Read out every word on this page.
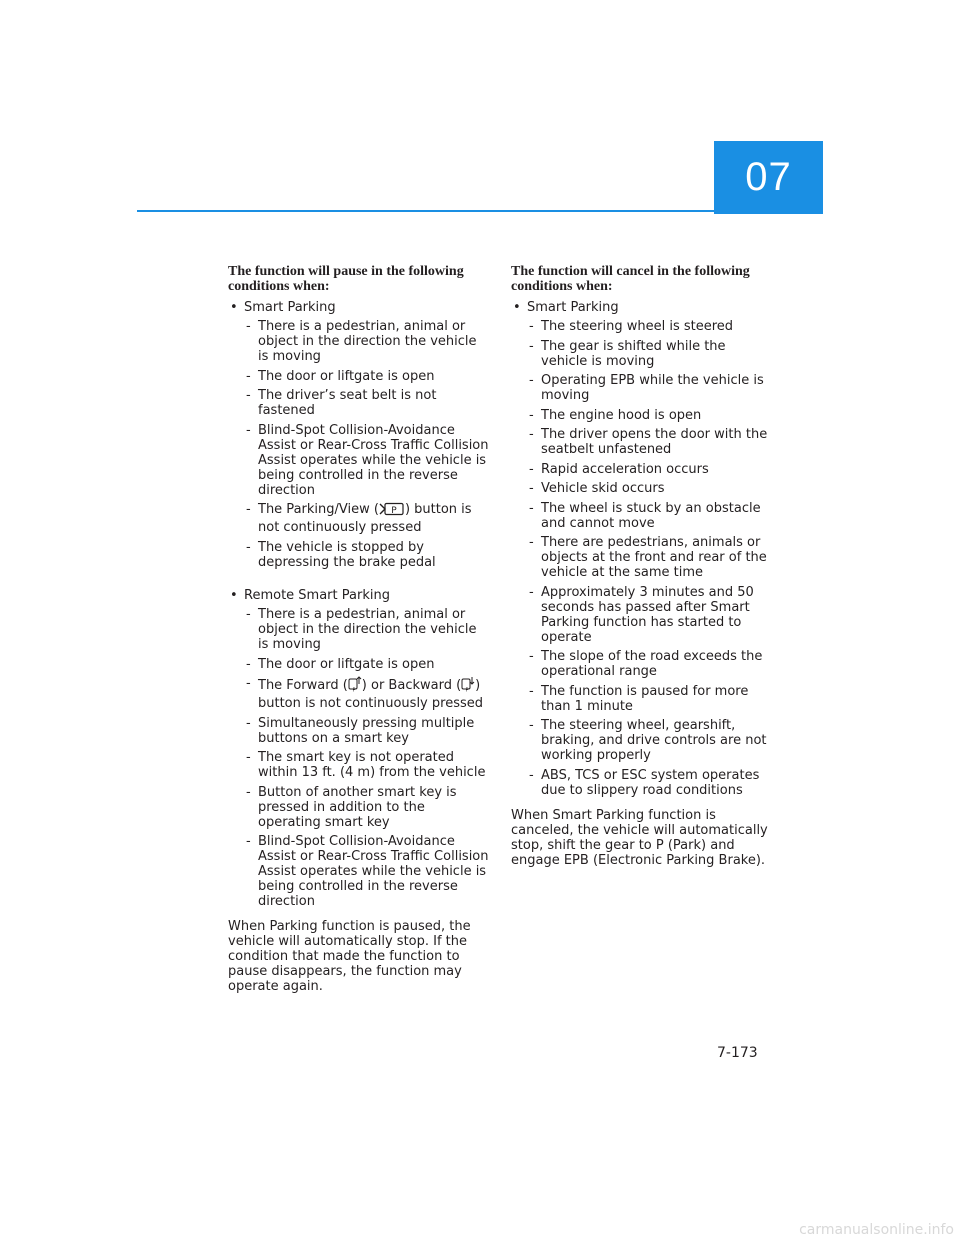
07
The function will pause in the following conditions when:
• Smart Parking
- There is a pedestrian, animal or object in the direction the vehicle is moving
- The door or liftgate is open
- The driver’s seat belt is not fastened
- Blind-Spot Collision-Avoidance Assist or Rear-Cross Traffic Collision Assist operates while the vehicle is being controlled in the reverse direction
- The Parking/View ( P ) button is not continuously pressed
- The vehicle is stopped by depressing the brake pedal
• Remote Smart Parking
- There is a pedestrian, animal or object in the direction the vehicle is moving
- The door or liftgate is open
- The Forward ( P ) or Backward ( P ) button is not continuously pressed
- Simultaneously pressing multiple buttons on a smart key
- The smart key is not operated within 13 ft. (4 m) from the vehicle
- Button of another smart key is pressed in addition to the operating smart key
- Blind-Spot Collision-Avoidance Assist or Rear-Cross Traffic Collision Assist operates while the vehicle is being controlled in the reverse direction

When Parking function is paused, the vehicle will automatically stop. If the condition that made the function to pause disappears, the function may operate again.

The function will cancel in the following conditions when:
• Smart Parking
- The steering wheel is steered
- The gear is shifted while the vehicle is moving
- Operating EPB while the vehicle is moving
- The engine hood is open
- The driver opens the door with the seatbelt unfastened
- Rapid acceleration occurs
- Vehicle skid occurs
- The wheel is stuck by an obstacle and cannot move
- There are pedestrians, animals or objects at the front and rear of the vehicle at the same time
- Approximately 3 minutes and 50 seconds has passed after Smart Parking function has started to operate
- The slope of the road exceeds the operational range
- The function is paused for more than 1 minute
- The steering wheel, gearshift, braking, and drive controls are not working properly
- ABS, TCS or ESC system operates due to slippery road conditions

When Smart Parking function is canceled, the vehicle will automatically stop, shift the gear to P (Park) and engage EPB (Electronic Parking Brake).

7-173
carmanualsonline.info
